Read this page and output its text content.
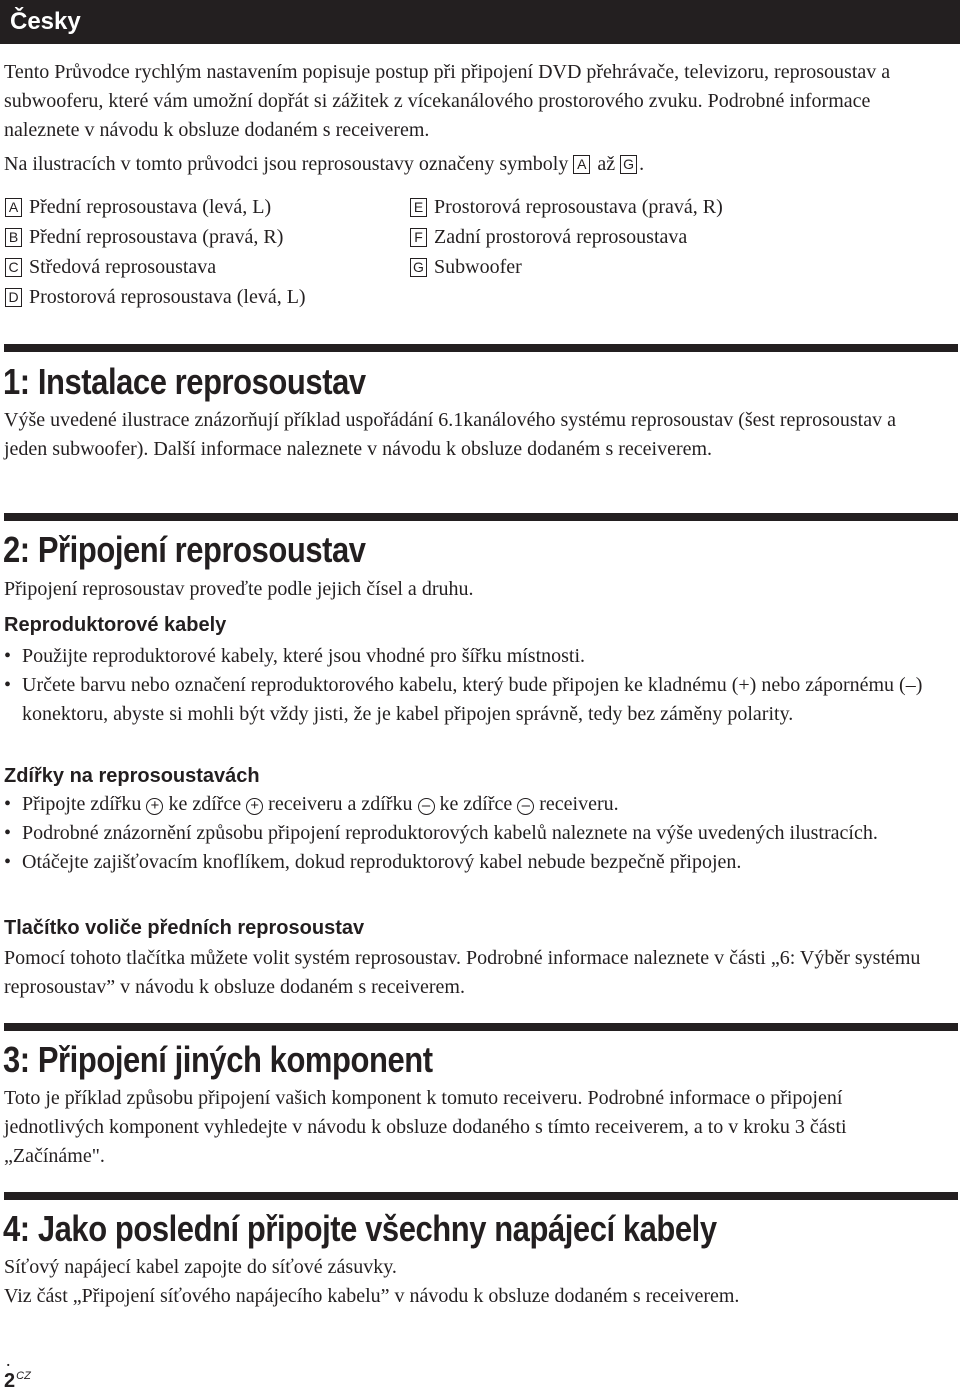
Česky

Tento Průvodce rychlým nastavením popisuje postup při připojení DVD přehrávače, televizoru, reprosoustav a subwooferu, které vám umožní dopřát si zážitek z vícekanálového prostorového zvuku. Podrobné informace naleznete v návodu k obsluze dodaném s receiverem.

Na ilustracích v tomto průvodci jsou reprosoustavy označeny symboly A až G .

A Přední reprosoustava (levá, L)
B Přední reprosoustava (pravá, R)
C Středová reprosoustava
D Prostorová reprosoustava (levá, L)
E Prostorová reprosoustava (pravá, R)
F Zadní prostorová reprosoustava
G Subwoofer
1: Instalace reprosoustav

Výše uvedené ilustrace znázorňují příklad uspořádání 6.1kanálového systému reprosoustav (šest reprosoustav a jeden subwoofer). Další informace naleznete v návodu k obsluze dodaném s receiverem.

2: Připojení reprosoustav

Připojení reprosoustav proveďte podle jejich čísel a druhu.

Reproduktorové kabely
• Použijte reproduktorové kabely, které jsou vhodné pro šířku místnosti.
• Určete barvu nebo označení reproduktorového kabelu, který bude připojen ke kladnému (+) nebo zápornému (–) konektoru, abyste si mohli být vždy jisti, že je kabel připojen správně, tedy bez záměny polarity.
Zdířky na reprosoustavách
• Připojte zdířku + ke zdířce + receiveru a zdířku – ke zdířce – receiveru.
• Podrobné znázornění způsobu připojení reproduktorových kabelů naleznete na výše uvedených ilustracích.
• Otáčejte zajišťovacím knoflíkem, dokud reproduktorový kabel nebude bezpečně připojen.
Tlačítko voliče předních reprosoustav

Pomocí tohoto tlačítka můžete volit systém reprosoustav. Podrobné informace naleznete v části „6: Výběr systému reprosoustav” v návodu k obsluze dodaném s receiverem.

3: Připojení jiných komponent

Toto je příklad způsobu připojení vašich komponent k tomuto receiveru. Podrobné informace o připojení jednotlivých komponent vyhledejte v návodu k obsluze dodaného s tímto receiverem, a to v kroku 3 části „Začínáme".

4: Jako poslední připojte všechny napájecí kabely

Síťový napájecí kabel zapojte do síťové zásuvky.

Viz část „Připojení síťového napájecího kabelu” v návodu k obsluze dodaném s receiverem.

.
$2^{CZ}$
